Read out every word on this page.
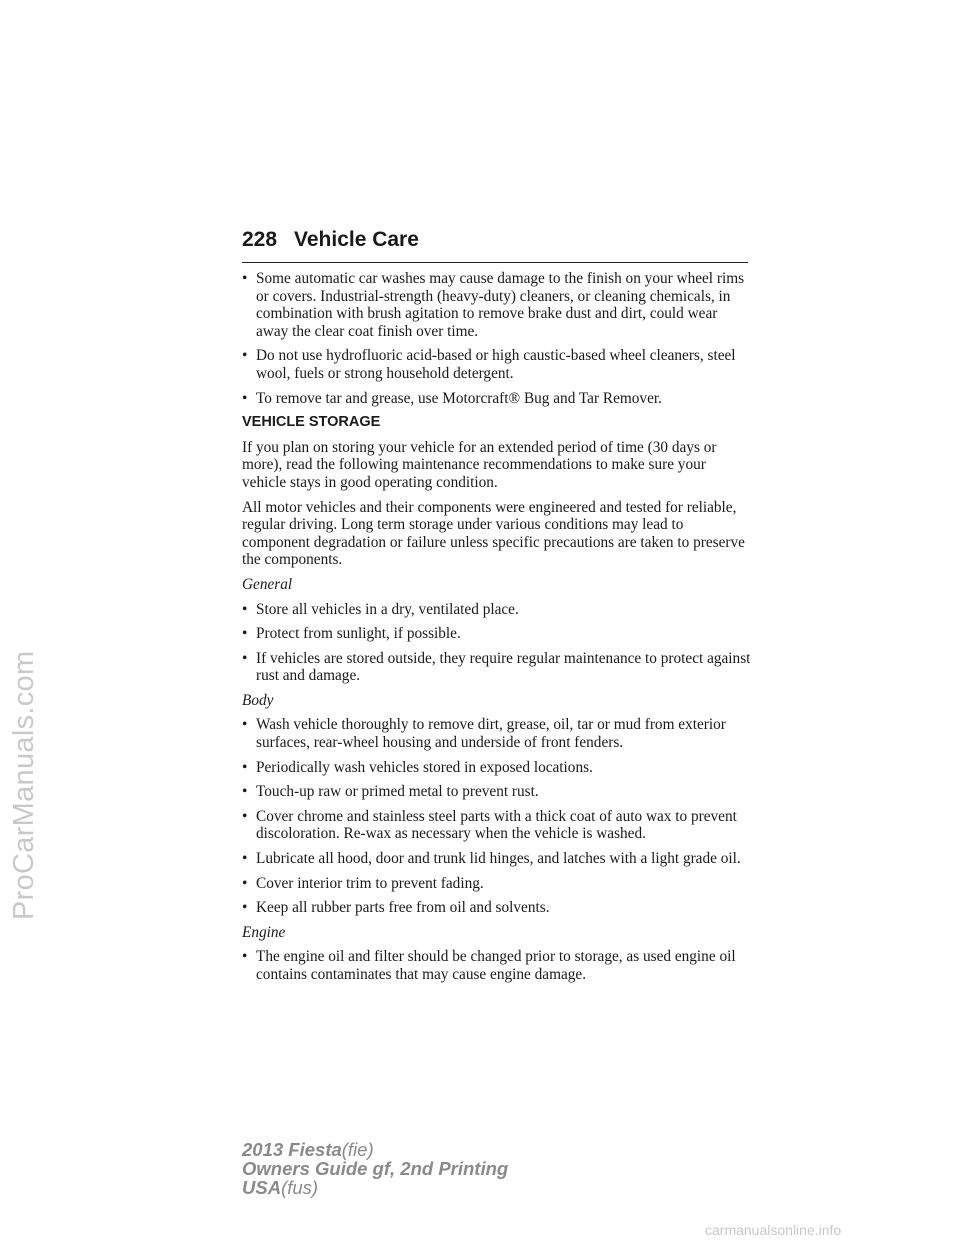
ProCarManuals.com
228 Vehicle Care
• Some automatic car washes may cause damage to the finish on your wheel rims or covers. Industrial-strength (heavy-duty) cleaners, or cleaning chemicals, in combination with brush agitation to remove brake dust and dirt, could wear away the clear coat finish over time.
• Do not use hydrofluoric acid-based or high caustic-based wheel cleaners, steel wool, fuels or strong household detergent.
• To remove tar and grease, use Motorcraft® Bug and Tar Remover.
VEHICLE STORAGE

If you plan on storing your vehicle for an extended period of time (30 days or more), read the following maintenance recommendations to make sure your vehicle stays in good operating condition.

All motor vehicles and their components were engineered and tested for reliable, regular driving. Long term storage under various conditions may lead to component degradation or failure unless specific precautions are taken to preserve the components.

General
• Store all vehicles in a dry, ventilated place.
• Protect from sunlight, if possible.
• If vehicles are stored outside, they require regular maintenance to protect against rust and damage.
Body
• Wash vehicle thoroughly to remove dirt, grease, oil, tar or mud from exterior surfaces, rear-wheel housing and underside of front fenders.
• Periodically wash vehicles stored in exposed locations.
• Touch-up raw or primed metal to prevent rust.
• Cover chrome and stainless steel parts with a thick coat of auto wax to prevent discoloration. Re-wax as necessary when the vehicle is washed.
• Lubricate all hood, door and trunk lid hinges, and latches with a light grade oil.
• Cover interior trim to prevent fading.
• Keep all rubber parts free from oil and solvents.
Engine
• The engine oil and filter should be changed prior to storage, as used engine oil contains contaminates that may cause engine damage.
2013 Fiesta(fie)
Owners Guide gf, 2nd Printing
USA(fus)
carmanualsonline.info
